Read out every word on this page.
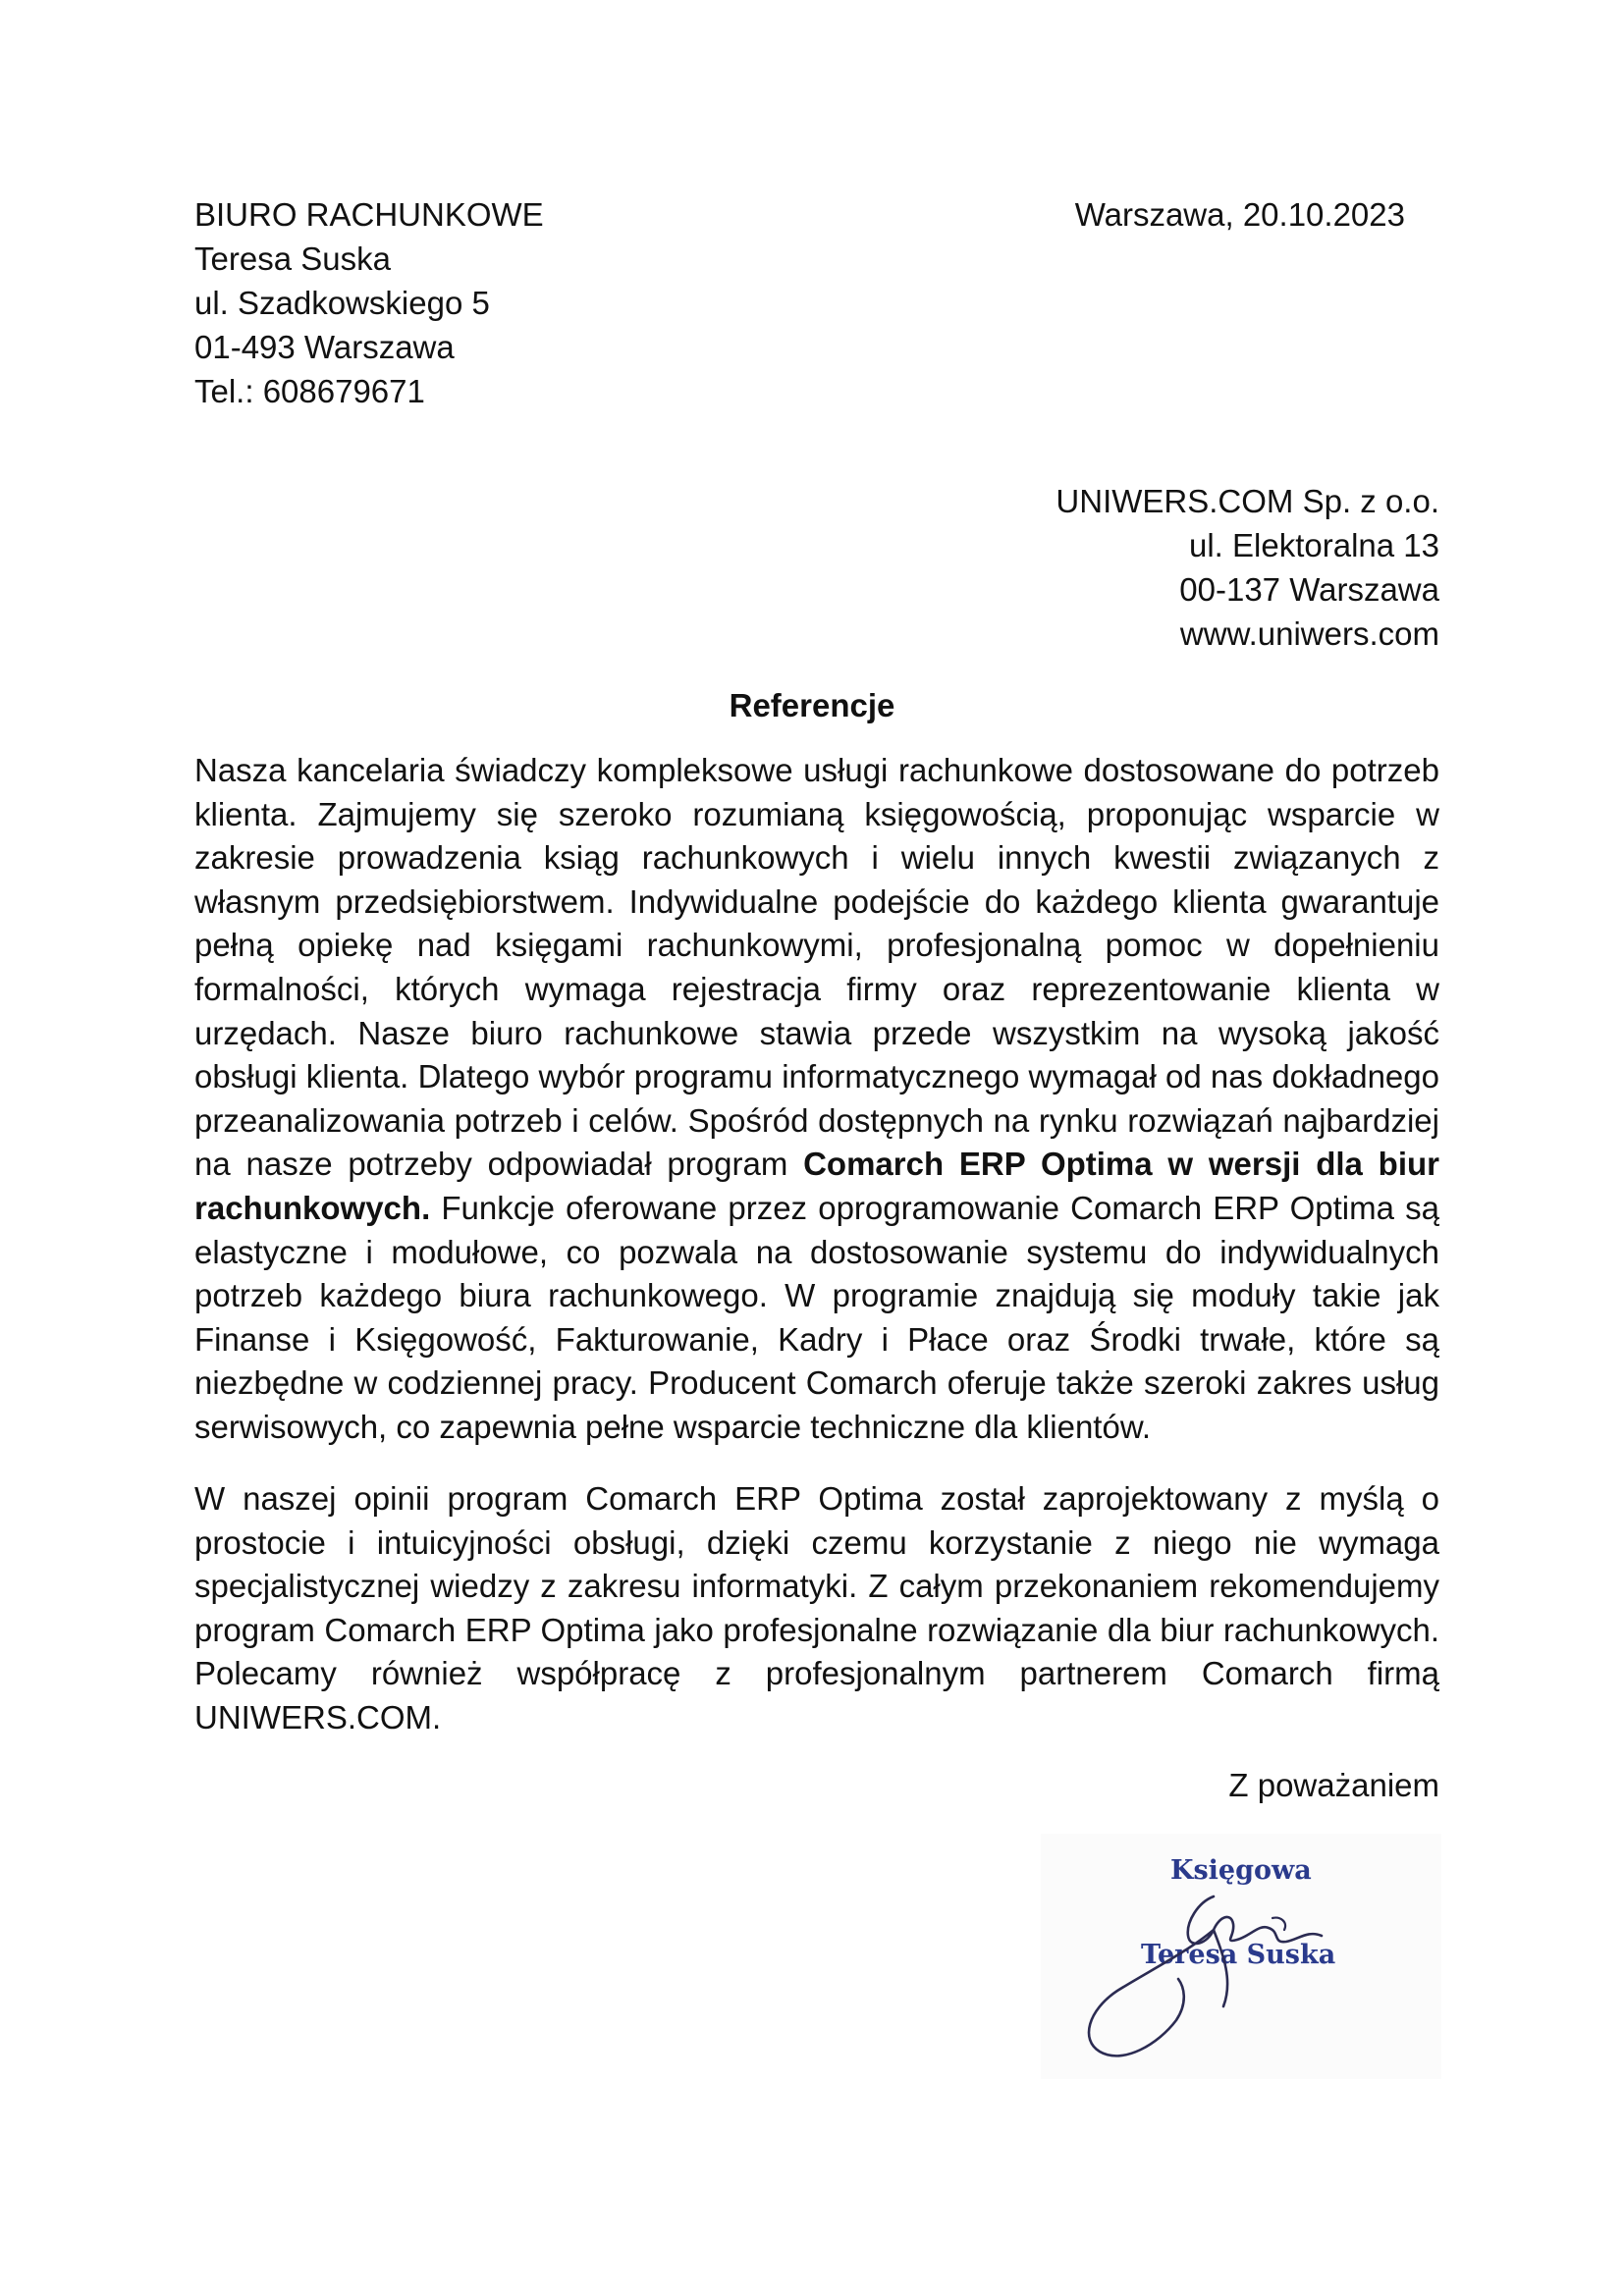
BIURO RACHUNKOWE
Teresa Suska
ul. Szadkowskiego 5
01-493 Warszawa
Tel.: 608679671
Warszawa, 20.10.2023
UNIWERS.COM Sp. z o.o.
ul. Elektoralna 13
00-137 Warszawa
www.uniwers.com
Referencje

Nasza kancelaria świadczy kompleksowe usługi rachunkowe dostosowane do potrzeb klienta. Zajmujemy się szeroko rozumianą księgowością, proponując wsparcie w zakresie prowadzenia ksiąg rachunkowych i wielu innych kwestii związanych z własnym przedsiębiorstwem. Indywidualne podejście do każdego klienta gwarantuje pełną opiekę nad księgami rachunkowymi, profesjonalną pomoc w dopełnieniu formalności, których wymaga rejestracja firmy oraz reprezentowanie klienta w urzędach. Nasze biuro rachunkowe stawia przede wszystkim na wysoką jakość obsługi klienta. Dlatego wybór programu informatycznego wymagał od nas dokładnego przeanalizowania potrzeb i celów. Spośród dostępnych na rynku rozwiązań najbardziej na nasze potrzeby odpowiadał program Comarch ERP Optima w wersji dla biur rachunkowych. Funkcje oferowane przez oprogramowanie Comarch ERP Optima są elastyczne i modułowe, co pozwala na dostosowanie systemu do indywidualnych potrzeb każdego biura rachunkowego. W programie znajdują się moduły takie jak Finanse i Księgowość, Fakturowanie, Kadry i Płace oraz Środki trwałe, które są niezbędne w codziennej pracy. Producent Comarch oferuje także szeroki zakres usług serwisowych, co zapewnia pełne wsparcie techniczne dla klientów.

W naszej opinii program Comarch ERP Optima został zaprojektowany z myślą o prostocie i intuicyjności obsługi, dzięki czemu korzystanie z niego nie wymaga specjalistycznej wiedzy z zakresu informatyki. Z całym przekonaniem rekomendujemy program Comarch ERP Optima jako profesjonalne rozwiązanie dla biur rachunkowych. Polecamy również współpracę z profesjonalnym partnerem Comarch firmą UNIWERS.COM.

Z poważaniem
Księgowa
Teresa Suska
